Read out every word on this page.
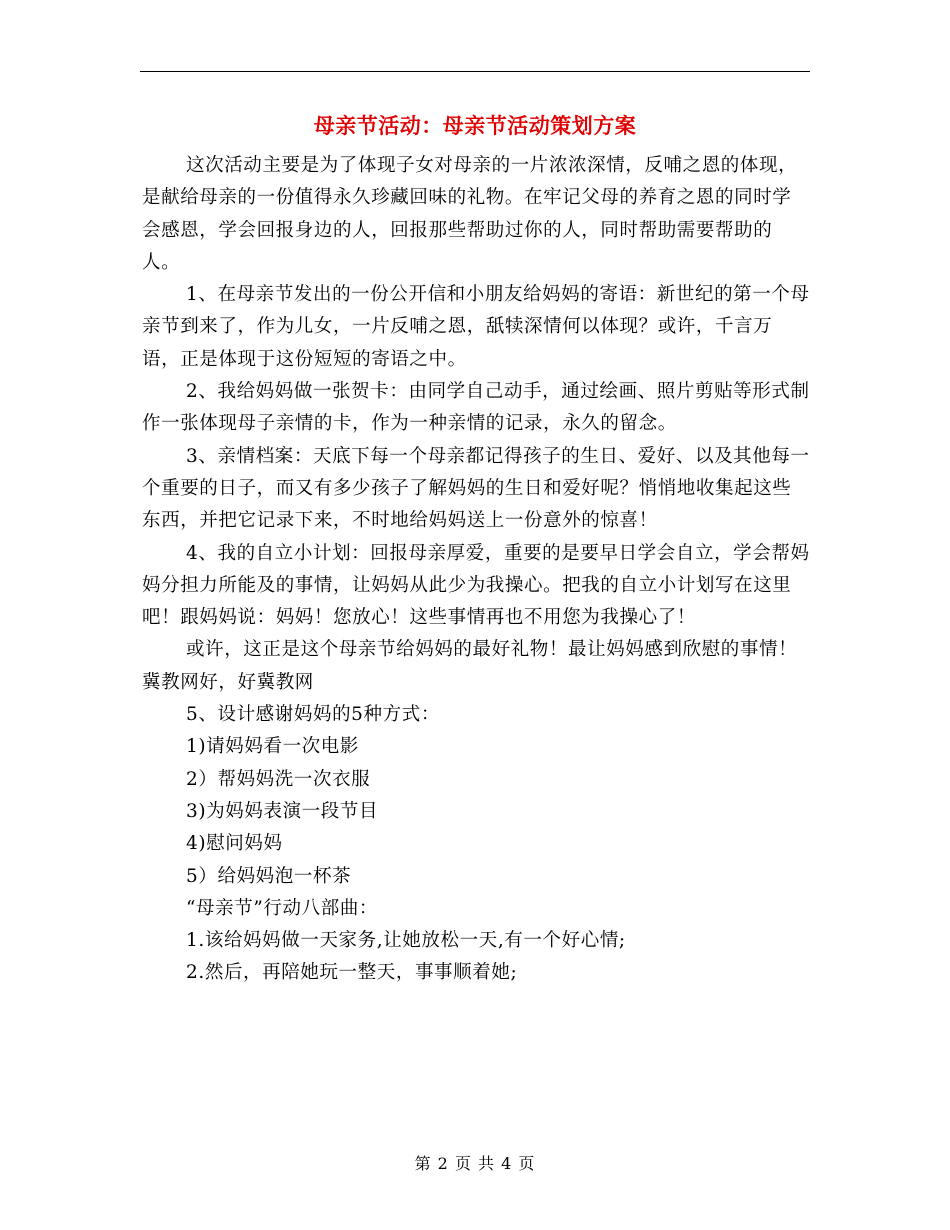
母亲节活动：母亲节活动策划方案

这次活动主要是为了体现子女对母亲的一片浓浓深情，反哺之恩的体现，是献给母亲的一份值得永久珍藏回味的礼物。在牢记父母的养育之恩的同时学会感恩，学会回报身边的人，回报那些帮助过你的人，同时帮助需要帮助的人。

1、在母亲节发出的一份公开信和小朋友给妈妈的寄语：新世纪的第一个母亲节到来了，作为儿女，一片反哺之恩，舐犊深情何以体现？或许，千言万语，正是体现于这份短短的寄语之中。

2、我给妈妈做一张贺卡：由同学自己动手，通过绘画、照片剪贴等形式制作一张体现母子亲情的卡，作为一种亲情的记录，永久的留念。

3、亲情档案：天底下每一个母亲都记得孩子的生日、爱好、以及其他每一个重要的日子，而又有多少孩子了解妈妈的生日和爱好呢？悄悄地收集起这些东西，并把它记录下来，不时地给妈妈送上一份意外的惊喜！

4、我的自立小计划：回报母亲厚爱，重要的是要早日学会自立，学会帮妈妈分担力所能及的事情，让妈妈从此少为我操心。把我的自立小计划写在这里吧！跟妈妈说：妈妈！您放心！这些事情再也不用您为我操心了！

或许，这正是这个母亲节给妈妈的最好礼物！最让妈妈感到欣慰的事情！ 冀教网好，好冀教网

5、设计感谢妈妈的5种方式：

1)请妈妈看一次电影

2）帮妈妈洗一次衣服

3)为妈妈表演一段节目

4)慰问妈妈

5）给妈妈泡一杯茶

“母亲节”行动八部曲：

1.该给妈妈做一天家务,让她放松一天,有一个好心情;

2.然后，再陪她玩一整天，事事顺着她;

第 2 页 共 4 页
